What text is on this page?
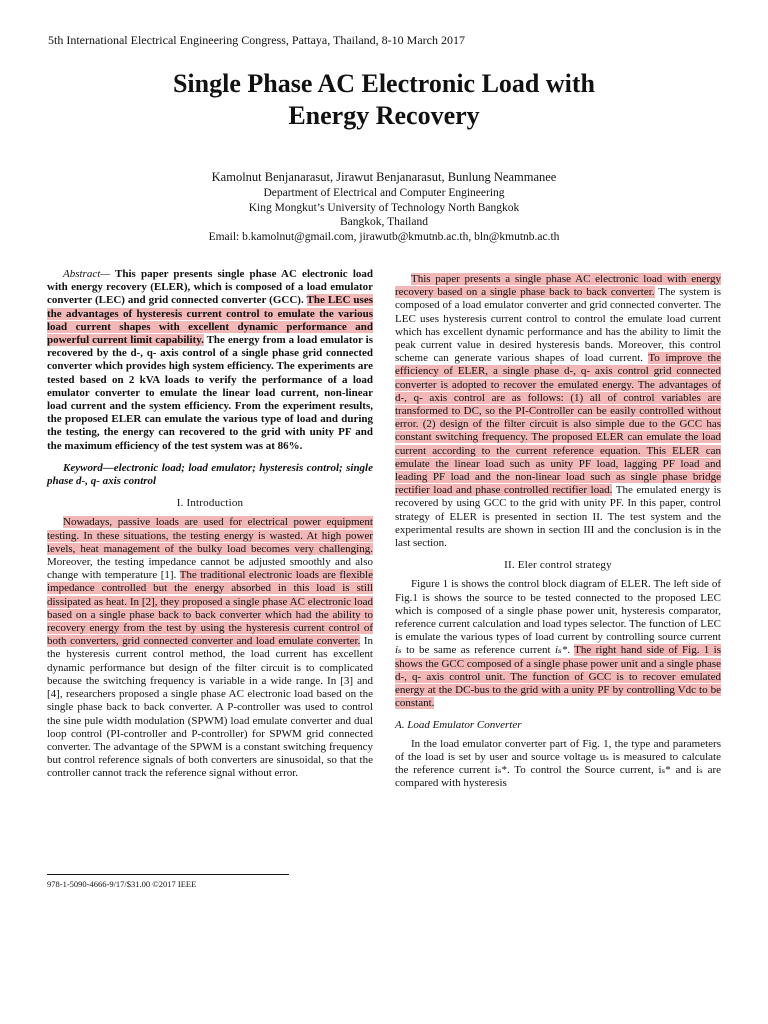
5th International Electrical Engineering Congress, Pattaya, Thailand, 8-10 March 2017
Single Phase AC Electronic Load with
Energy Recovery
Kamolnut Benjanarasut, Jirawut Benjanarasut, Bunlung Neammanee
Department of Electrical and Computer Engineering
King Mongkut’s University of Technology North Bangkok
Bangkok, Thailand
Email: b.kamolnut@gmail.com, jirawutb@kmutnb.ac.th, bln@kmutnb.ac.th

Abstract— This paper presents single phase AC electronic load with energy recovery (ELER), which is composed of a load emulator converter (LEC) and grid connected converter (GCC). The LEC uses the advantages of hysteresis current control to emulate the various load current shapes with excellent dynamic performance and powerful current limit capability. The energy from a load emulator is recovered by the d-, q- axis control of a single phase grid connected converter which provides high system efficiency. The experiments are tested based on 2 kVA loads to verify the performance of a load emulator converter to emulate the linear load current, non-linear load current and the system efficiency. From the experiment results, the proposed ELER can emulate the various type of load and during the testing, the energy can recovered to the grid with unity PF and the maximum efficiency of the test system was at 86%.

Keyword—electronic load; load emulator; hysteresis control; single phase d-, q- axis control

I. Introduction

Nowadays, passive loads are used for electrical power equipment testing. In these situations, the testing energy is wasted. At high power levels, heat management of the bulky load becomes very challenging. Moreover, the testing impedance cannot be adjusted smoothly and also change with temperature [1]. The traditional electronic loads are flexible impedance controlled but the energy absorbed in this load is still dissipated as heat. In [2], they proposed a single phase AC electronic load based on a single phase back to back converter which had the ability to recovery energy from the test by using the hysteresis current control of both converters, grid connected converter and load emulate converter. In the hysteresis current control method, the load current has excellent dynamic performance but design of the filter circuit is to complicated because the switching frequency is variable in a wide range. In [3] and [4], researchers proposed a single phase AC electronic load based on the single phase back to back converter. A P-controller was used to control the sine pule width modulation (SPWM) load emulate converter and dual loop control (PI-controller and P-controller) for SPWM grid connected converter. The advantage of the SPWM is a constant switching frequency but control reference signals of both converters are sinusoidal, so that the controller cannot track the reference signal without error.

This paper presents a single phase AC electronic load with energy recovery based on a single phase back to back converter. The system is composed of a load emulator converter and grid connected converter. The LEC uses hysteresis current control to control the emulate load current which has excellent dynamic performance and has the ability to limit the peak current value in desired hysteresis bands. Moreover, this control scheme can generate various shapes of load current. To improve the efficiency of ELER, a single phase d-, q- axis control grid connected converter is adopted to recover the emulated energy. The advantages of d-, q- axis control are as follows: (1) all of control variables are transformed to DC, so the PI-Controller can be easily controlled without error. (2) design of the filter circuit is also simple due to the GCC has constant switching frequency. The proposed ELER can emulate the load current according to the current reference equation. This ELER can emulate the linear load such as unity PF load, lagging PF load and leading PF load and the non-linear load such as single phase bridge rectifier load and phase controlled rectifier load. The emulated energy is recovered by using GCC to the grid with unity PF. In this paper, control strategy of ELER is presented in section II. The test system and the experimental results are shown in section III and the conclusion is in the last section.

II. Eler control strategy

Figure 1 is shows the control block diagram of ELER. The left side of Fig.1 is shows the source to be tested connected to the proposed LEC which is composed of a single phase power unit, hysteresis comparator, reference current calculation and load types selector. The function of LEC is emulate the various types of load current by controlling source current iₛ to be same as reference current iₛ*. The right hand side of Fig. 1 is shows the GCC composed of a single phase power unit and a single phase d-, q- axis control unit. The function of GCC is to recover emulated energy at the DC-bus to the grid with a unity PF by controlling Vdc to be constant.

A. Load Emulator Converter

In the load emulator converter part of Fig. 1, the type and parameters of the load is set by user and source voltage uₛ is measured to calculate the reference current iₛ*. To control the Source current, iₛ* and iₛ are compared with hysteresis

978-1-5090-4666-9/17/$31.00 ©2017 IEEE
